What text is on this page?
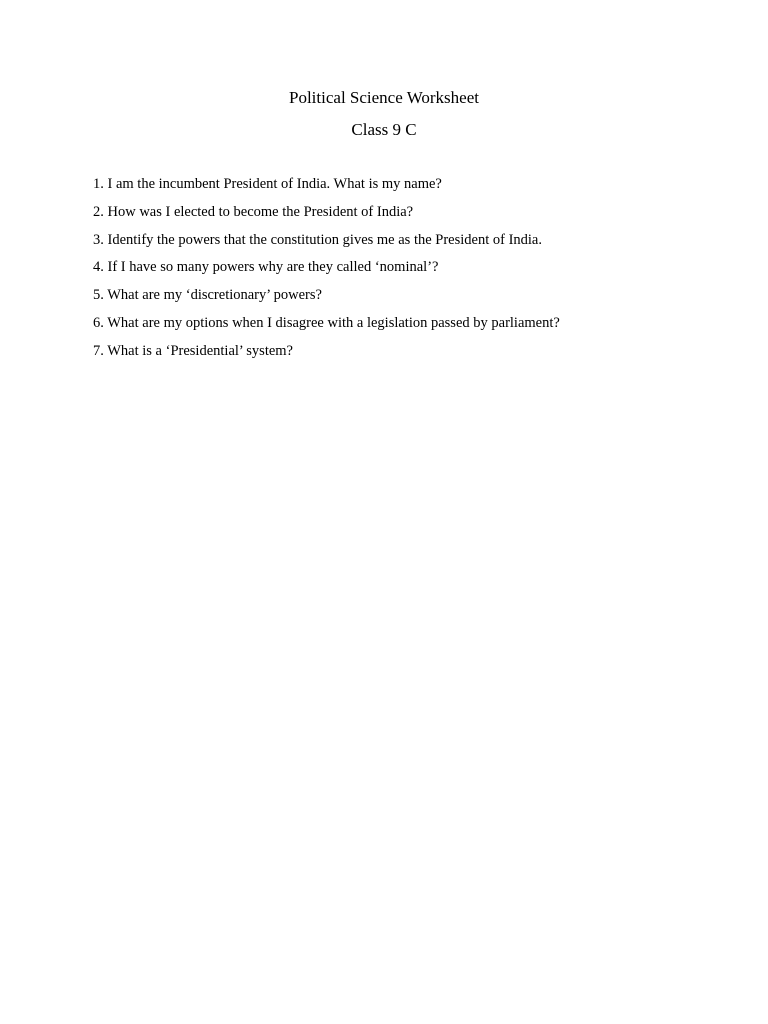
Political Science Worksheet
Class 9 C
1. I am the incumbent President of India. What is my name?
2. How was I elected to become the President of India?
3. Identify the powers that the constitution gives me as the President of India.
4. If I have so many powers why are they called ‘nominal’?
5. What are my ‘discretionary’ powers?
6. What are my options when I disagree with a legislation passed by parliament?
7. What is a ‘Presidential’ system?
